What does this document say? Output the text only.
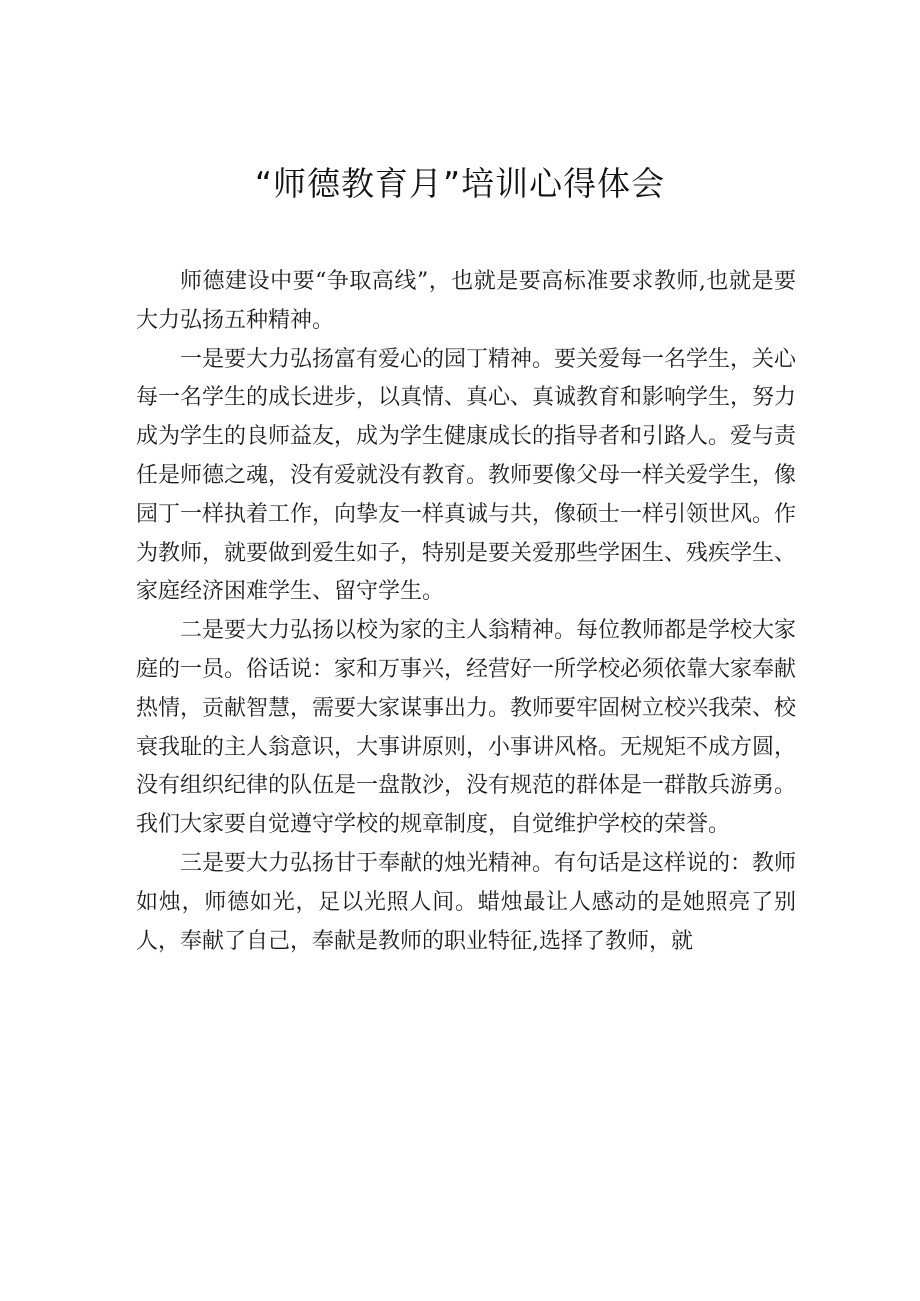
“师德教育月”培训心得体会

师德建设中要“争取高线”，也就是要高标准要求教师,也就是要大力弘扬五种精神。

一是要大力弘扬富有爱心的园丁精神。要关爱每一名学生，关心每一名学生的成长进步，以真情、真心、真诚教育和影响学生，努力成为学生的良师益友，成为学生健康成长的指导者和引路人。爱与责任是师德之魂，没有爱就没有教育。教师要像父母一样关爱学生，像园丁一样执着工作，向挚友一样真诚与共，像硕士一样引领世风。作为教师，就要做到爱生如子，特别是要关爱那些学困生、残疾学生、家庭经济困难学生、留守学生。

二是要大力弘扬以校为家的主人翁精神。每位教师都是学校大家庭的一员。俗话说：家和万事兴，经营好一所学校必须依靠大家奉献热情，贡献智慧，需要大家谋事出力。教师要牢固树立校兴我荣、校衰我耻的主人翁意识，大事讲原则，小事讲风格。无规矩不成方圆，没有组织纪律的队伍是一盘散沙，没有规范的群体是一群散兵游勇。我们大家要自觉遵守学校的规章制度，自觉维护学校的荣誉。

三是要大力弘扬甘于奉献的烛光精神。有句话是这样说的：教师如烛，师德如光，足以光照人间。蜡烛最让人感动的是她照亮了别人，奉献了自己，奉献是教师的职业特征,选择了教师，就
